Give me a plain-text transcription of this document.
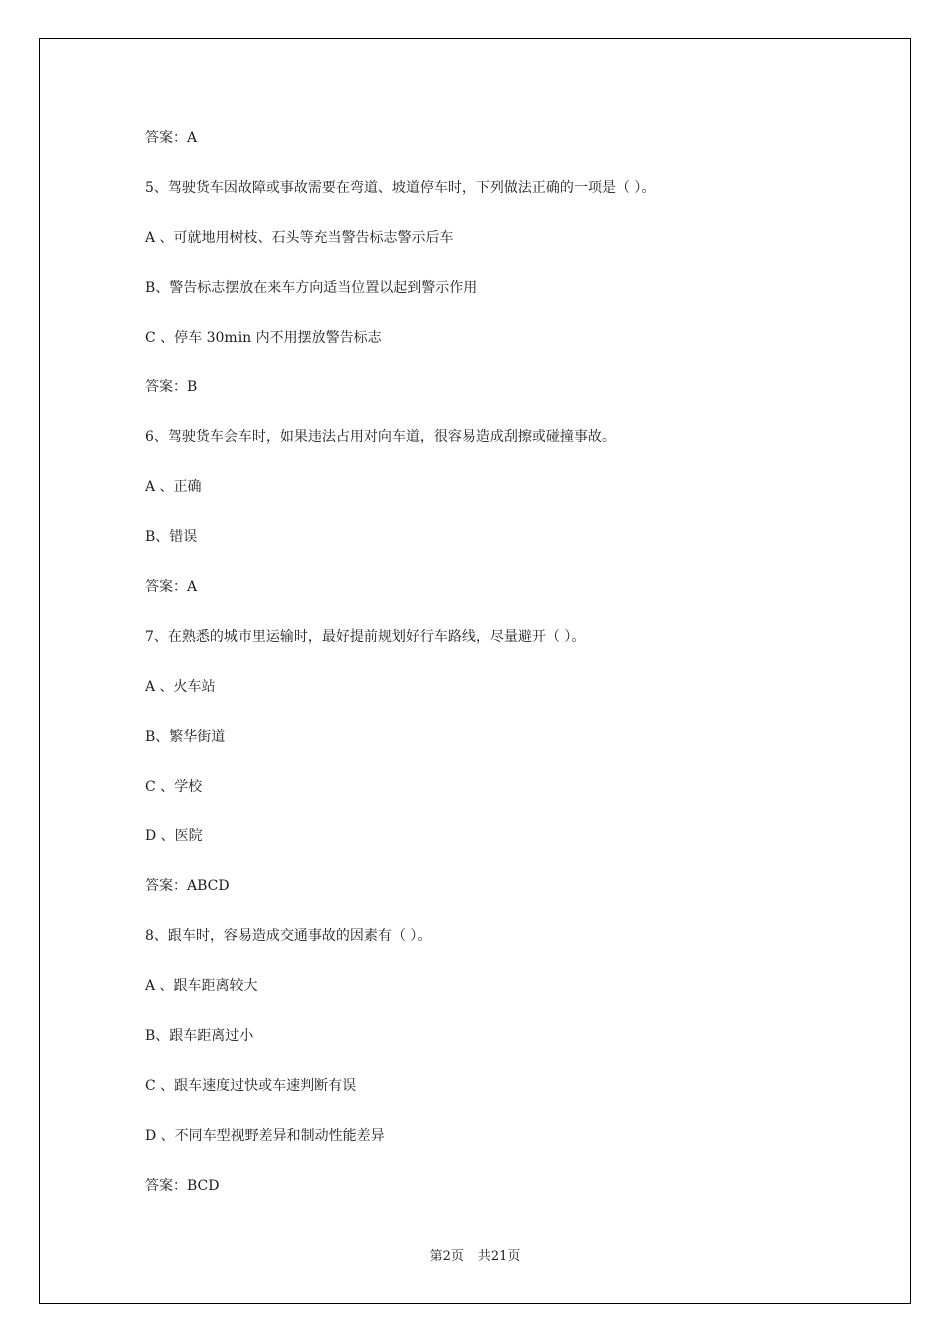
答案：A
5、驾驶货车因故障或事故需要在弯道、坡道停车时，下列做法正确的一项是（ ）。
A 、可就地用树枝、石头等充当警告标志警示后车
B、警告标志摆放在来车方向适当位置以起到警示作用
C 、停车 30min 内不用摆放警告标志
答案：B
6、驾驶货车会车时，如果违法占用对向车道，很容易造成刮擦或碰撞事故。
A 、正确
B、错误
答案：A
7、在熟悉的城市里运输时，最好提前规划好行车路线，尽量避开（ ）。
A 、火车站
B、繁华街道
C 、学校
D 、医院
答案：ABCD
8、跟车时，容易造成交通事故的因素有（ ）。
A 、跟车距离较大
B、跟车距离过小
C 、跟车速度过快或车速判断有误
D 、不同车型视野差异和制动性能差异
答案：BCD
第2页 共21页
